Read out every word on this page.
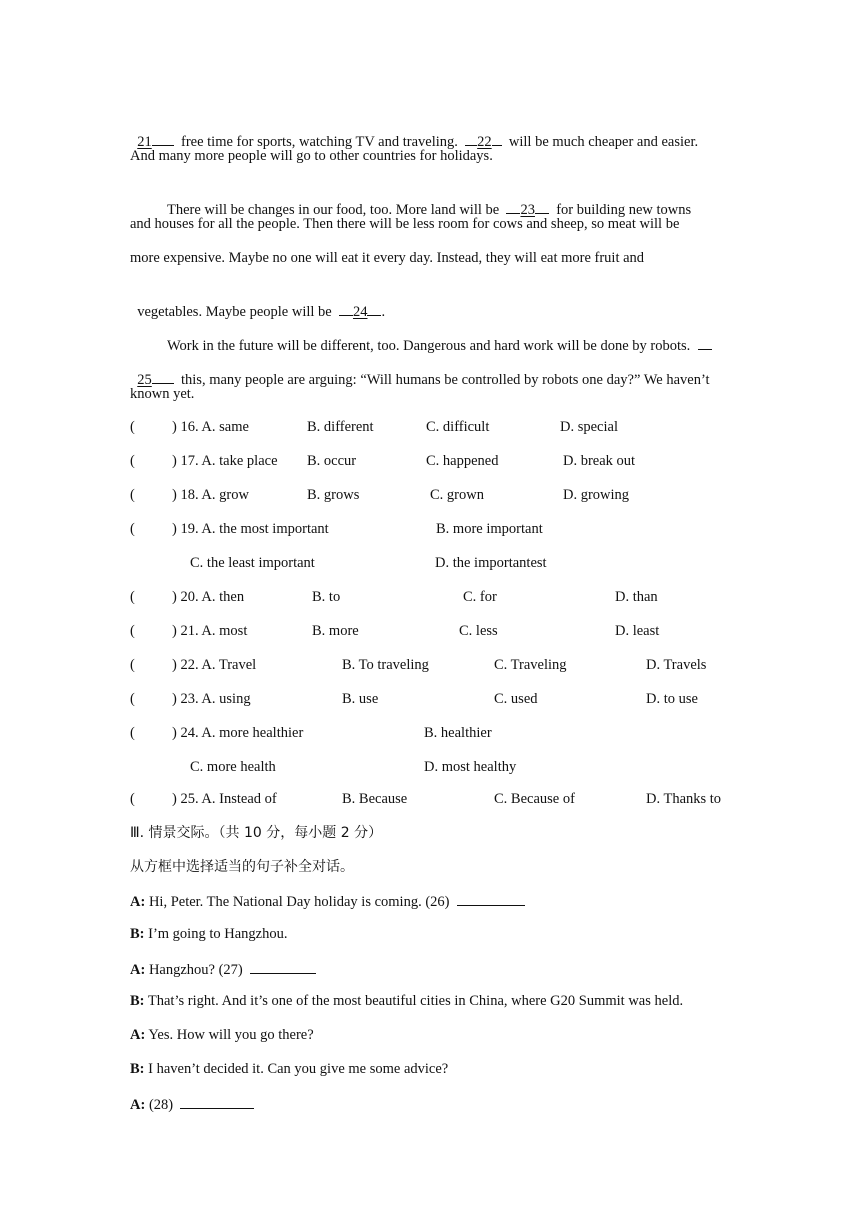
21 free time for sports, watching TV and traveling. 22 will be much cheaper and easier.

And many more people will go to other countries for holidays.

There will be changes in our food, too. More land will be 23 for building new towns

and houses for all the people. Then there will be less room for cows and sheep, so meat will be
more expensive. Maybe no one will eat it every day. Instead, they will eat more fruit and

vegetables. Maybe people will be 24 .

Work in the future will be different, too. Dangerous and hard work will be done by robots.

25 this, many people are arguing: “Will humans be controlled by robots one day?” We haven’t

known yet.
(	) 16. A. same	B. different	C. difficult	D. special
(	) 17. A. take place B. occur	C. happened	D. break out
(	) 18. A. grow	B. grows	C. grown	D. growing
(	) 19. A. the most important	B. more important
C. the least important	D. the importantest
(	) 20. A. then	B. to	C. for	D. than
(	) 21. A. most	B. more	C. less	D. least
(	) 22. A. Travel	B. To traveling	C. Traveling	D. Travels
(	) 23. A. using	B. use	C. used	D. to use
(	) 24. A. more healthier	B. healthier
C. more health	D. most healthy
(	) 25. A. Instead of	B. Because	C. Because of	D. Thanks to
Ⅲ. 情景交际。（共 10 分，每小题 2 分）
从方框中选择适当的句子补全对话。
A: Hi, Peter. The National Day holiday is coming. (26)
B: I’m going to Hangzhou.
A: Hangzhou? (27)
B: That’s right. And it’s one of the most beautiful cities in China, where G20 Summit was held.
A: Yes. How will you go there?
B: I haven’t decided it. Can you give me some advice?
A: (28)
